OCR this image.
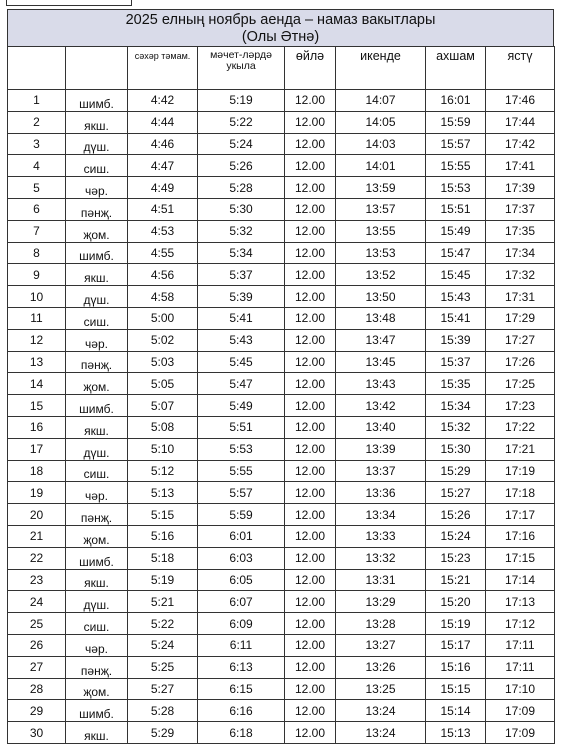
2025 елның ноябрь аенда – намаз вакытлары
(Олы Әтнә)
		сәхәр тәмам.	мәчет-ләрдә укыла	өйлә	икенде	ахшам	ястү
1	шимб.	4:42	5:19	12.00	14:07	16:01	17:46
2	якш.	4:44	5:22	12.00	14:05	15:59	17:44
3	дүш.	4:46	5:24	12.00	14:03	15:57	17:42
4	сиш.	4:47	5:26	12.00	14:01	15:55	17:41
5	чәр.	4:49	5:28	12.00	13:59	15:53	17:39
6	пәнҗ.	4:51	5:30	12.00	13:57	15:51	17:37
7	җом.	4:53	5:32	12.00	13:55	15:49	17:35
8	шимб.	4:55	5:34	12.00	13:53	15:47	17:34
9	якш.	4:56	5:37	12.00	13:52	15:45	17:32
10	дүш.	4:58	5:39	12.00	13:50	15:43	17:31
11	сиш.	5:00	5:41	12.00	13:48	15:41	17:29
12	чәр.	5:02	5:43	12.00	13:47	15:39	17:27
13	пәнҗ.	5:03	5:45	12.00	13:45	15:37	17:26
14	җом.	5:05	5:47	12.00	13:43	15:35	17:25
15	шимб.	5:07	5:49	12.00	13:42	15:34	17:23
16	якш.	5:08	5:51	12.00	13:40	15:32	17:22
17	дүш.	5:10	5:53	12.00	13:39	15:30	17:21
18	сиш.	5:12	5:55	12.00	13:37	15:29	17:19
19	чәр.	5:13	5:57	12.00	13:36	15:27	17:18
20	пәнҗ.	5:15	5:59	12.00	13:34	15:26	17:17
21	җом.	5:16	6:01	12.00	13:33	15:24	17:16
22	шимб.	5:18	6:03	12.00	13:32	15:23	17:15
23	якш.	5:19	6:05	12.00	13:31	15:21	17:14
24	дүш.	5:21	6:07	12.00	13:29	15:20	17:13
25	сиш.	5:22	6:09	12.00	13:28	15:19	17:12
26	чәр.	5:24	6:11	12.00	13:27	15:17	17:11
27	пәнҗ.	5:25	6:13	12.00	13:26	15:16	17:11
28	җом.	5:27	6:15	12.00	13:25	15:15	17:10
29	шимб.	5:28	6:16	12.00	13:24	15:14	17:09
30	якш.	5:29	6:18	12.00	13:24	15:13	17:09
